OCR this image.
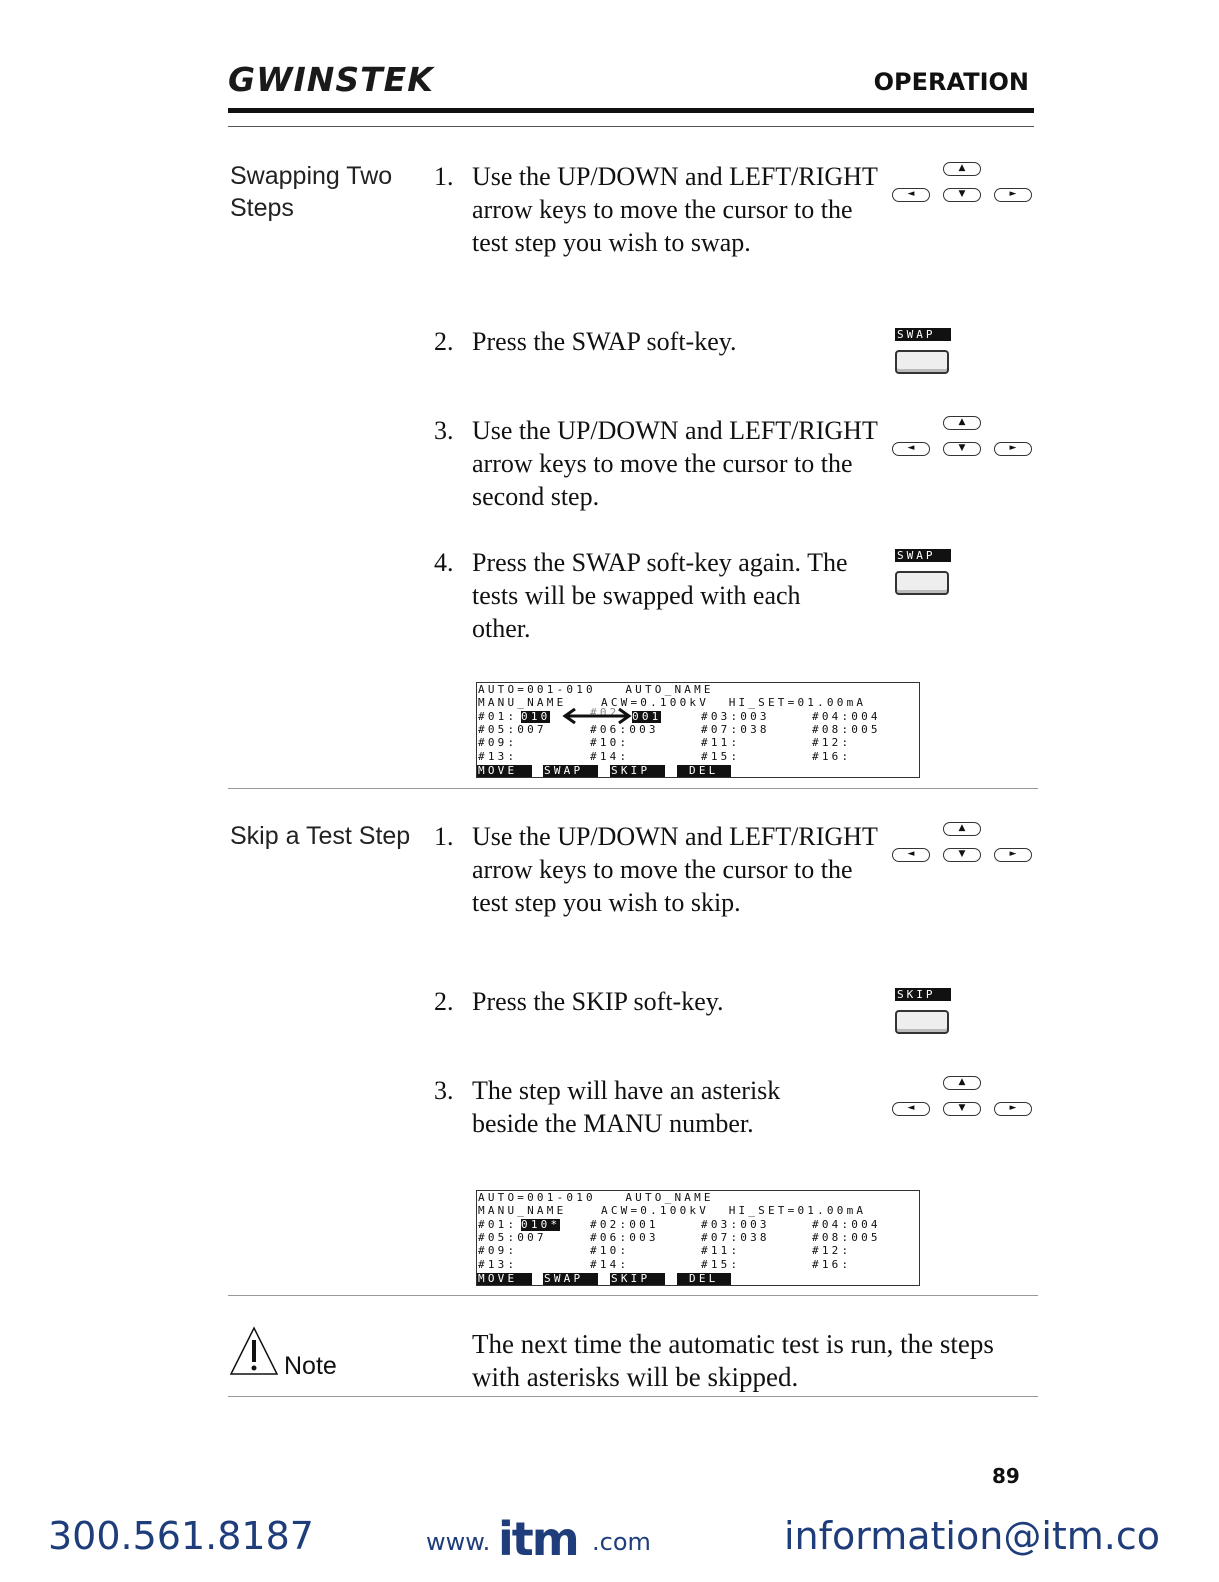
GWINSTEK	OPERATION
Swapping Two Steps
1. Use the UP/DOWN and LEFT/RIGHT arrow keys to move the cursor to the test step you wish to swap.
▲
◄	▼	►
2. Press the SWAP soft-key.	SWAP
3. Use the UP/DOWN and LEFT/RIGHT arrow keys to move the cursor to the second step.
▲
◄	▼	►
4. Press the SWAP soft-key again. The tests will be swapped with each other.
SWAP
AUTO=001-010   AUTO_NAME
MANU_NAME	ACW=0.100kV  HI_SET=01.00mA
#01: 010	#02 001	#03:003	#04:004
#05:007	#06:003	#07:038	#08:005
#09:	#10:	#11:	#12:
#13:	#14:	#15:	#16:
MOVE	SWAP	SKIP	DEL
Skip a Test Step 1. Use the UP/DOWN and LEFT/RIGHT arrow keys to move the cursor to the test step you wish to skip.
▲
◄	▼	►
2. Press the SKIP soft-key.	SKIP
3. The step will have an asterisk beside the MANU number.
▲
◄	▼	►
AUTO=001-010   AUTO_NAME
MANU_NAME	ACW=0.100kV  HI_SET=01.00mA
#01: 010*	#02:001	#03:003	#04:004
#05:007	#06:003	#07:038	#08:005
#09:	#10:	#11:	#12:
#13:	#14:	#15:	#16:
MOVE	SWAP	SKIP	DEL
Note
The next time the automatic test is run, the steps with asterisks will be skipped.
89
300.561.8187	www. itm .com	information@itm.co
